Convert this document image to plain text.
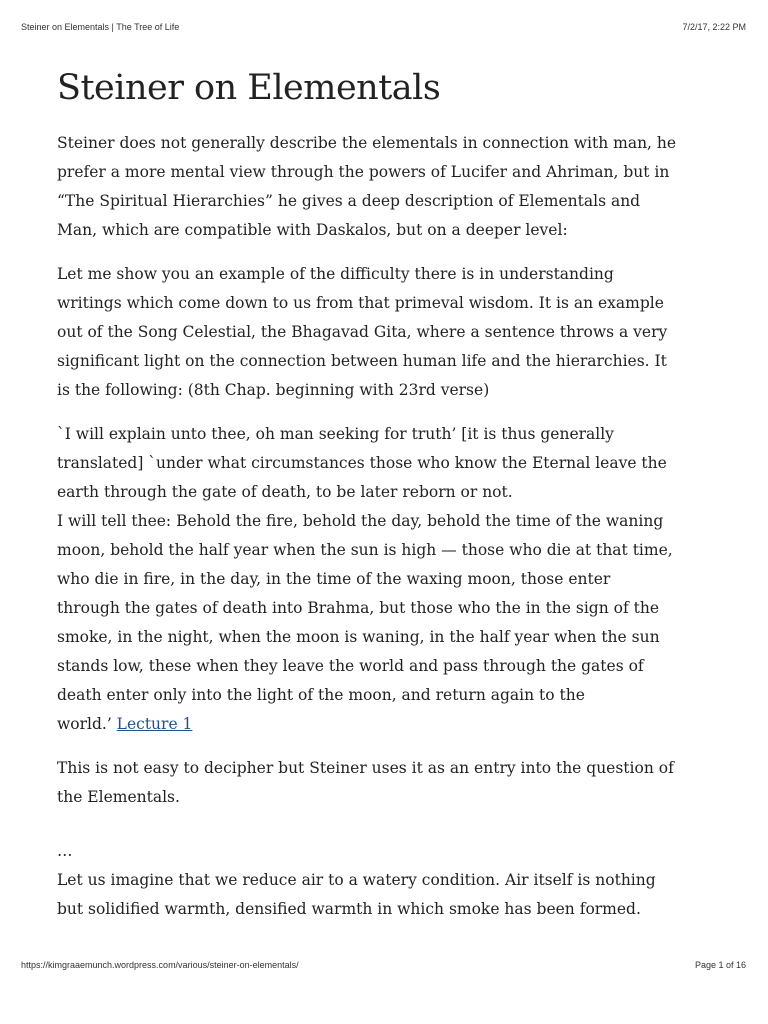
Steiner on Elementals | The Tree of Life	7/2/17, 2:22 PM
Steiner on Elementals
Steiner does not generally describe the elementals in connection with man, he
prefer a more mental view through the powers of Lucifer and Ahriman, but in
“The Spiritual Hierarchies” he gives a deep description of Elementals and
Man, which are compatible with Daskalos, but on a deeper level:
Let me show you an example of the difficulty there is in understanding
writings which come down to us from that primeval wisdom. It is an example
out of the Song Celestial, the Bhagavad Gita, where a sentence throws a very
significant light on the connection between human life and the hierarchies. It
is the following: (8th Chap. beginning with 23rd verse)
`I will explain unto thee, oh man seeking for truth’ [it is thus generally
translated] `under what circumstances those who know the Eternal leave the
earth through the gate of death, to be later reborn or not.
I will tell thee: Behold the fire, behold the day, behold the time of the waning
moon, behold the half year when the sun is high — those who die at that time,
who die in fire, in the day, in the time of the waxing moon, those enter
through the gates of death into Brahma, but those who the in the sign of the
smoke, in the night, when the moon is waning, in the half year when the sun
stands low, these when they leave the world and pass through the gates of
death enter only into the light of the moon, and return again to the
world.’ Lecture 1
This is not easy to decipher but Steiner uses it as an entry into the question of
the Elementals.
…
Let us imagine that we reduce air to a watery condition. Air itself is nothing
but solidified warmth, densified warmth in which smoke has been formed.
https://kimgraaemunch.wordpress.com/various/steiner-on-elementals/	Page 1 of 16
